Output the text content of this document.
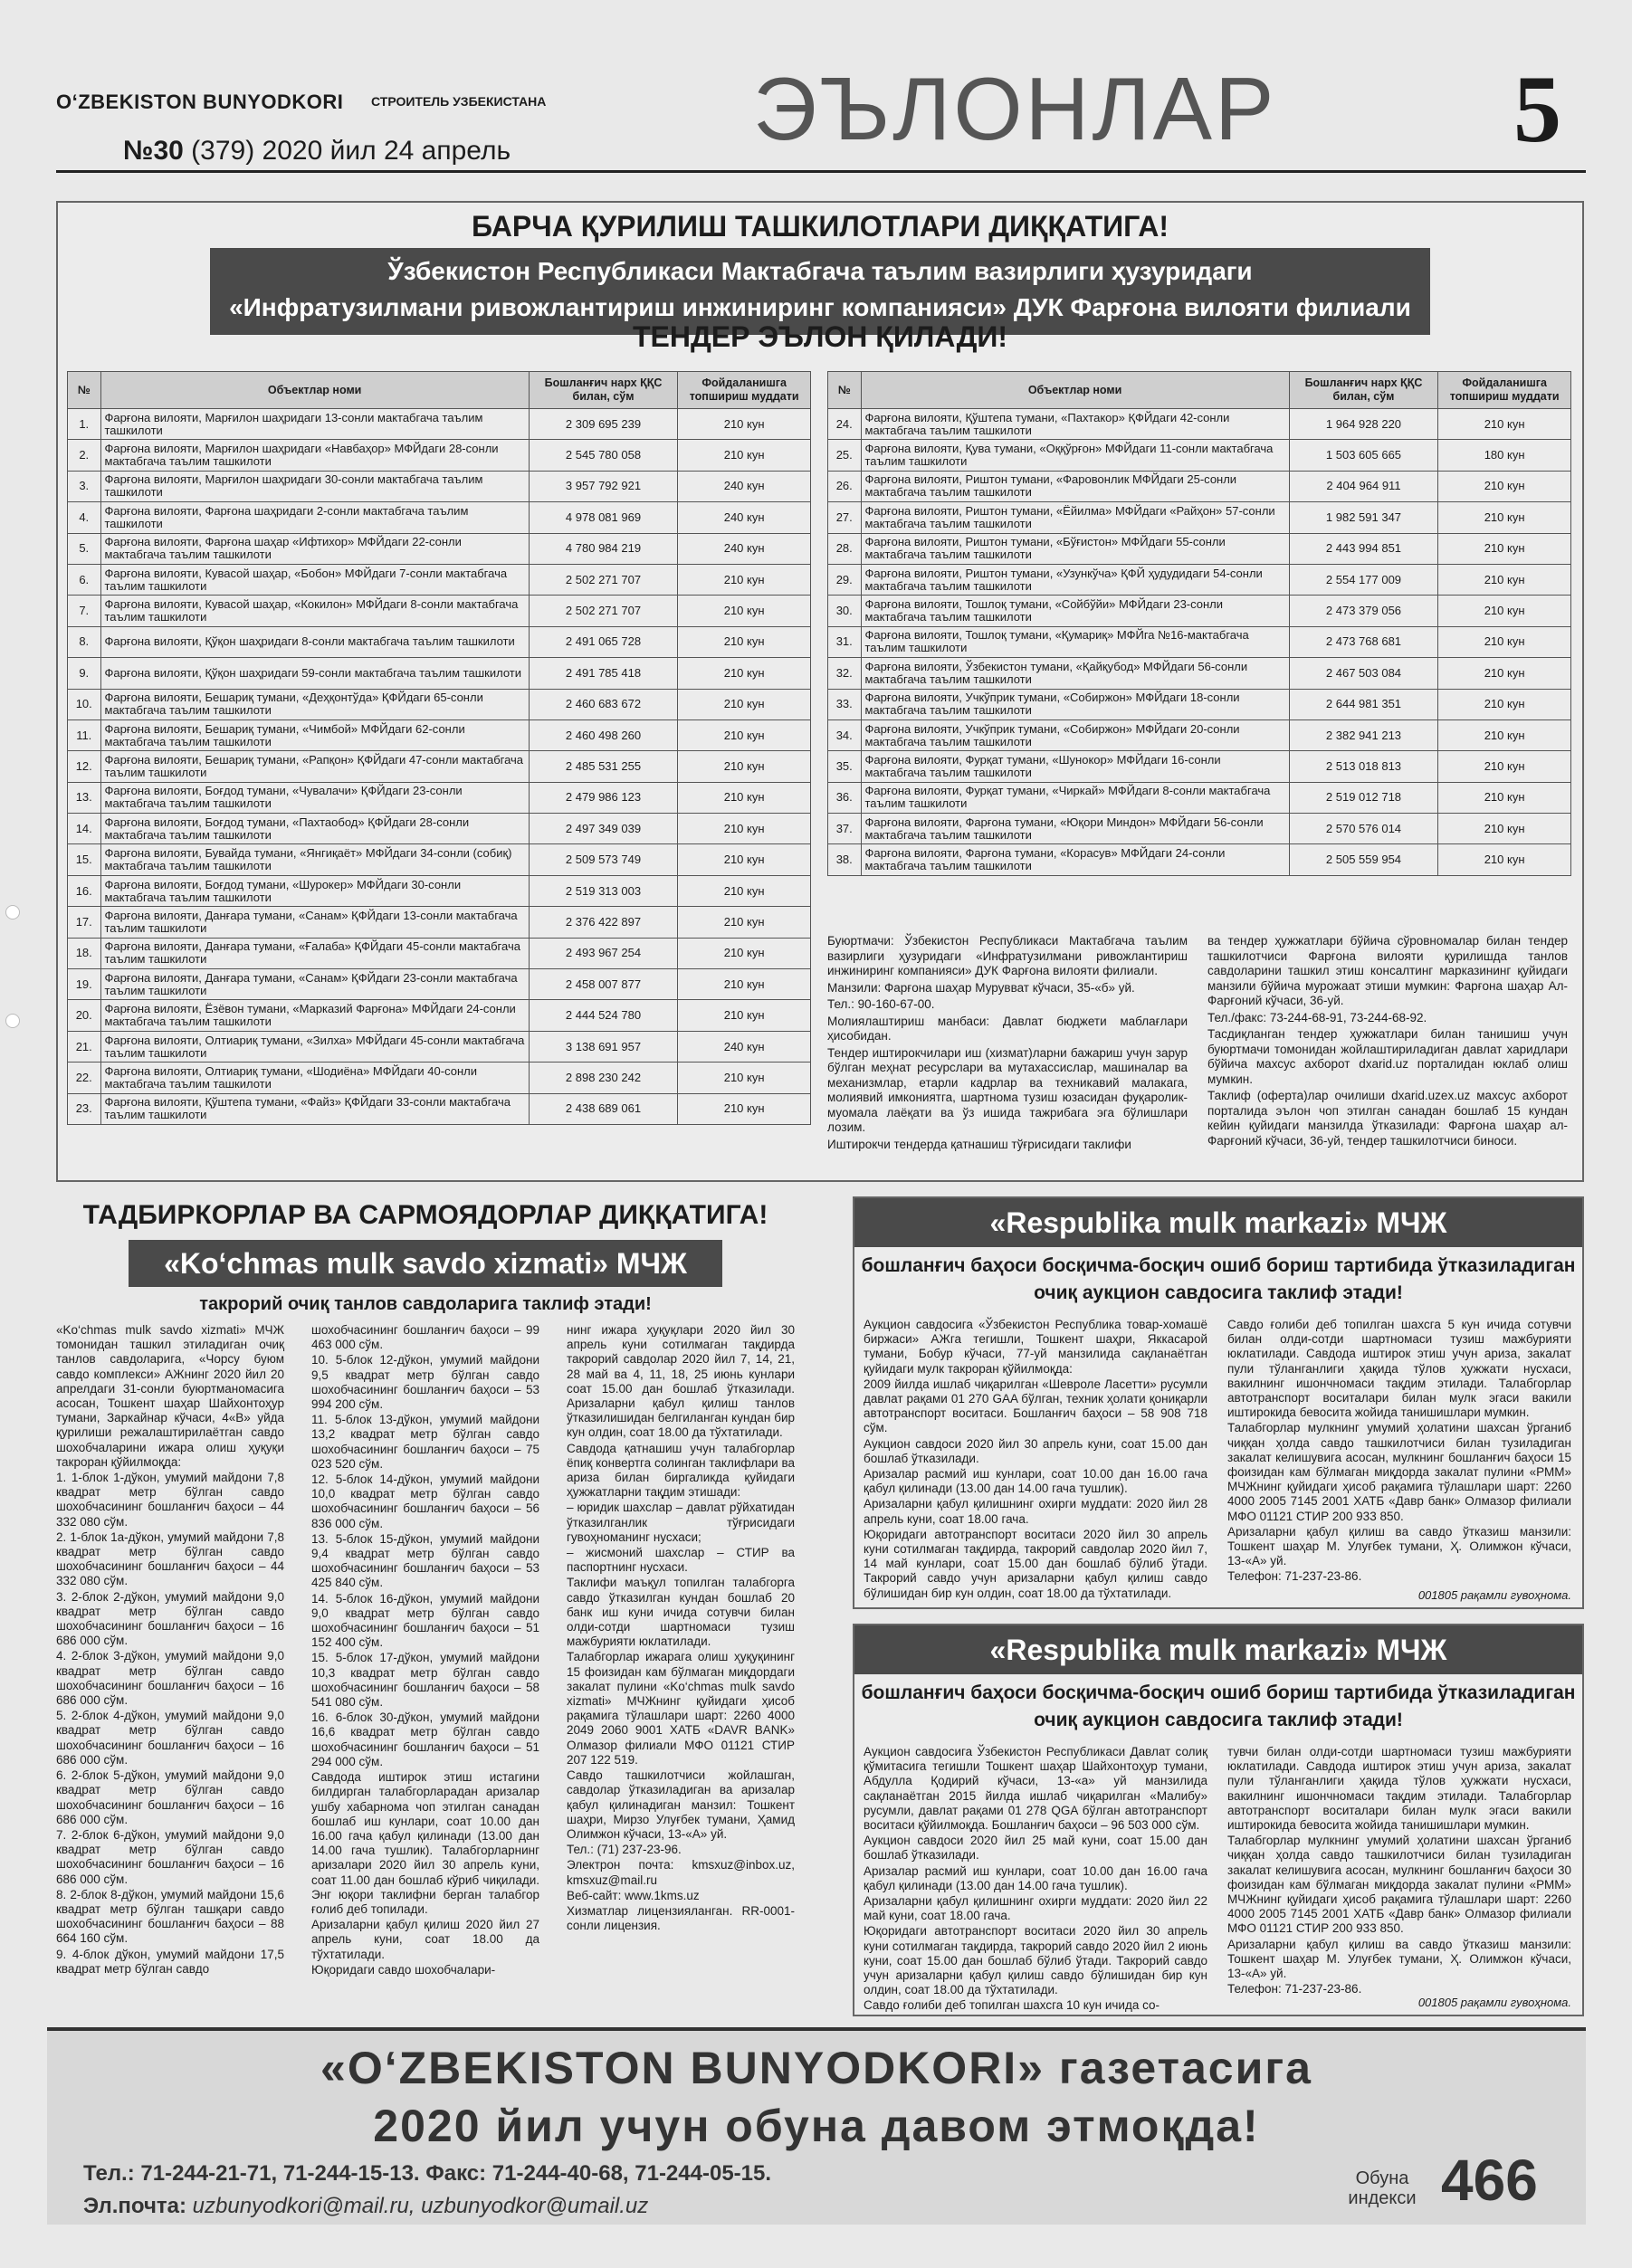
O‘ZBEKISTON BUNYODKORI СТРОИТЕЛЬ УЗБЕКИСТАНА
№30 (379) 2020 йил 24 апрель	ЭЪЛОНЛАР 5
БАРЧА ҚУРИЛИШ ТАШКИЛОТЛАРИ ДИҚҚАТИГА!
Ўзбекистон Республикаси Мактабгача таълим вазирлиги ҳузуридаги
«Инфратузилмани ривожлантириш инжиниринг компанияси» ДУК Фарғона вилояти филиали
ТЕНДЕР ЭЪЛОН ҚИЛАДИ!
№	Объектлар номи	Бошланғич нарх ҚҚС билан, сўм	Фойдаланишга топшириш муддати
1.	Фарғона вилояти, Марғилон шаҳридаги 13-сонли мактабгача таълим ташкилоти	2 309 695 239	210 кун
2.	Фарғона вилояти, Марғилон шаҳридаги «Навбаҳор» МФЙдаги 28-сонли мактабгача таълим ташкилоти	2 545 780 058	210 кун
3.	Фарғона вилояти, Марғилон шаҳридаги 30-сонли мактабгача таълим ташкилоти	3 957 792 921	240 кун
4.	Фарғона вилояти, Фарғона шаҳридаги 2-сонли мактабгача таълим ташкилоти	4 978 081 969	240 кун
5.	Фарғона вилояти, Фарғона шаҳар «Ифтихор» МФЙдаги 22-сонли мактабгача таълим ташкилоти	4 780 984 219	240 кун
6.	Фарғона вилояти, Кувасой шаҳар, «Бобон» МФЙдаги 7-сонли мактабгача таълим ташкилоти	2 502 271 707	210 кун
7.	Фарғона вилояти, Кувасой шаҳар, «Кокилон» МФЙдаги 8-сонли мактабгача таълим ташкилоти	2 502 271 707	210 кун
8.	Фарғона вилояти, Қўқон шаҳридаги 8-сонли мактабгача таълим ташкилоти	2 491 065 728	210 кун
9.	Фарғона вилояти, Қўқон шаҳридаги 59-сонли мактабгача таълим ташкилоти	2 491 785 418	210 кун
10.	Фарғона вилояти, Бешариқ тумани, «Деҳқонтўда» ҚФЙдаги 65-сонли мактабгача таълим ташкилоти	2 460 683 672	210 кун
11.	Фарғона вилояти, Бешариқ тумани, «Чимбой» МФЙдаги 62-сонли мактабгача таълим ташкилоти	2 460 498 260	210 кун
12.	Фарғона вилояти, Бешариқ тумани, «Рапқон» ҚФЙдаги 47-сонли мактабгача таълим ташкилоти	2 485 531 255	210 кун
13.	Фарғона вилояти, Боғдод тумани, «Чувалачи» ҚФЙдаги 23-сонли мактабгача таълим ташкилоти	2 479 986 123	210 кун
14.	Фарғона вилояти, Боғдод тумани, «Пахтаобод» ҚФЙдаги 28-сонли мактабгача таълим ташкилоти	2 497 349 039	210 кун
15.	Фарғона вилояти, Бувайда тумани, «Янгиқаёт» МФЙдаги 34-сонли (собиқ) мактабгача таълим ташкилоти	2 509 573 749	210 кун
16.	Фарғона вилояти, Боғдод тумани, «Шурокер» МФЙдаги 30-сонли мактабгача таълим ташкилоти	2 519 313 003	210 кун
17.	Фарғона вилояти, Данғара тумани, «Санам» ҚФЙдаги 13-сонли мактабгача таълим ташкилоти	2 376 422 897	210 кун
18.	Фарғона вилояти, Данғара тумани, «Ғалаба» ҚФЙдаги 45-сонли мактабгача таълим ташкилоти	2 493 967 254	210 кун
19.	Фарғона вилояти, Данғара тумани, «Санам» ҚФЙдаги 23-сонли мактабгача таълим ташкилоти	2 458 007 877	210 кун
20.	Фарғона вилояти, Ёзёвон тумани, «Марказий Фарғона» МФЙдаги 24-сонли мактабгача таълим ташкилоти	2 444 524 780	210 кун
21.	Фарғона вилояти, Олтиариқ тумани, «Зилха» МФЙдаги 45-сонли мактабгача таълим ташкилоти	3 138 691 957	240 кун
22.	Фарғона вилояти, Олтиариқ тумани, «Шодиёна» МФЙдаги 40-сонли мактабгача таълим ташкилоти	2 898 230 242	210 кун
23.	Фарғона вилояти, Қўштепа тумани, «Файз» ҚФЙдаги 33-сонли мактабгача таълим ташкилоти	2 438 689 061	210 кун
№	Объектлар номи	Бошланғич нарх ҚҚС билан, сўм	Фойдаланишга топшириш муддати
24.	Фарғона вилояти, Қўштепа тумани, «Пахтакор» ҚФЙдаги 42-сонли мактабгача таълим ташкилоти	1 964 928 220	210 кун
25.	Фарғона вилояти, Қува тумани, «Оққўрғон» МФЙдаги 11-сонли мактабгача таълим ташкилоти	1 503 605 665	180 кун
26.	Фарғона вилояти, Риштон тумани, «Фаровонлик МФЙдаги 25-сонли мактабгача таълим ташкилоти	2 404 964 911	210 кун
27.	Фарғона вилояти, Риштон тумани, «Ёйилма» МФЙдаги «Райҳон» 57-сонли мактабгача таълим ташкилоти	1 982 591 347	210 кун
28.	Фарғона вилояти, Риштон тумани, «Бўғистон» МФЙдаги 55-сонли мактабгача таълим ташкилоти	2 443 994 851	210 кун
29.	Фарғона вилояти, Риштон тумани, «Узункўча» ҚФЙ ҳудудидаги 54-сонли мактабгача таълим ташкилоти	2 554 177 009	210 кун
30.	Фарғона вилояти, Тошлоқ тумани, «Сойбўйи» МФЙдаги 23-сонли мактабгача таълим ташкилоти	2 473 379 056	210 кун
31.	Фарғона вилояти, Тошлоқ тумани, «Қумариқ» МФЙга №16-мактабгача таълим ташкилоти	2 473 768 681	210 кун
32.	Фарғона вилояти, Ўзбекистон тумани, «Қайқубод» МФЙдаги 56-сонли мактабгача таълим ташкилоти	2 467 503 084	210 кун
33.	Фарғона вилояти, Учкўприк тумани, «Собиржон» МФЙдаги 18-сонли мактабгача таълим ташкилоти	2 644 981 351	210 кун
34.	Фарғона вилояти, Учкўприк тумани, «Собиржон» МФЙдаги 20-сонли мактабгача таълим ташкилоти	2 382 941 213	210 кун
35.	Фарғона вилояти, Фурқат тумани, «Шунокор» МФЙдаги 16-сонли мактабгача таълим ташкилоти	2 513 018 813	210 кун
36.	Фарғона вилояти, Фурқат тумани, «Чиркай» МФЙдаги 8-сонли мактабгача таълим ташкилоти	2 519 012 718	210 кун
37.	Фарғона вилояти, Фарғона тумани, «Юқори Миндон» МФЙдаги 56-сонли мактабгача таълим ташкилоти	2 570 576 014	210 кун
38.	Фарғона вилояти, Фарғона тумани, «Корасув» МФЙдаги 24-сонли мактабгача таълим ташкилоти	2 505 559 954	210 кун

Буюртмачи: Ўзбекистон Республикаси Мактабгача таълим вазирлиги ҳузуридаги «Инфратузилмани ривожлантириш инжиниринг компанияси» ДУК Фарғона вилояти филиали.

Манзили: Фарғона шаҳар Мурувват кўчаси, 35-«б» уй.

Тел.: 90-160-67-00.

Молиялаштириш манбаси: Давлат бюджети маблағлари ҳисобидан.

Тендер иштирокчилари иш (хизмат)ларни бажариш учун зарур бўлган меҳнат ресурслари ва мутахассислар, машиналар ва механизмлар, етарли кадрлар ва техникавий малакага, молиявий имкониятга, шартнома тузиш юзасидан фуқаролик-муомала лаёқати ва ўз ишида тажрибага эга бўлишлари лозим.

Иштирокчи тендерда қатнашиш тўғрисидаги таклифи

ва тендер ҳужжатлари бўйича сўровномалар билан тендер ташкилотчиси Фарғона вилояти қурилишда танлов савдоларини ташкил этиш консалтинг марказининг қуйидаги манзили бўйича мурожаат этиши мумкин: Фарғона шаҳар Ал-Фарғоний кўчаси, 36-уй.

Тел./факс: 73-244-68-91, 73-244-68-92.

Тасдиқланган тендер ҳужжатлари билан танишиш учун буюртмачи томонидан жойлаштириладиган давлат харидлари бўйича махсус ахборот dxarid.uz порталидан юклаб олиш мумкин.

Таклиф (оферта)лар очилиши dxarid.uzex.uz махсус ахборот порталида эълон чоп этилган санадан бошлаб 15 кундан кейин қуйидаги манзилда ўтказилади: Фарғона шаҳар ал-Фарғоний кўчаси, 36-уй, тендер ташкилотчиси биноси.

ТАДБИРКОРЛАР ВА САРМОЯДОРЛАР ДИҚҚАТИГА!
«Ko‘chmas mulk savdo xizmati» МЧЖ
такрорий очиқ танлов савдоларига таклиф этади!

«Ko‘chmas mulk savdo xizmati» МЧЖ томонидан ташкил этиладиган очиқ танлов савдоларига, «Чорсу буюм савдо комплекси» АЖнинг 2020 йил 20 апрелдаги 31-сонли буюртманомасига асосан, Тошкент шаҳар Шайхонтоҳур тумани, Заркайнар кўчаси, 4«В» уйда қурилиши режалаштирилаётган савдо шохобчаларини ижара олиш ҳуқуқи такроран қўйилмоқда:

1. 1-блок 1-дўкон, умумий майдони 7,8 квадрат метр бўлган савдо шохобчасининг бошланғич баҳоси – 44 332 080 сўм.

2. 1-блок 1а-дўкон, умумий майдони 7,8 квадрат метр бўлган савдо шохобчасининг бошланғич баҳоси – 44 332 080 сўм.

3. 2-блок 2-дўкон, умумий майдони 9,0 квадрат метр бўлган савдо шохобчасининг бошланғич баҳоси – 16 686 000 сўм.

4. 2-блок 3-дўкон, умумий майдони 9,0 квадрат метр бўлган савдо шохобчасининг бошланғич баҳоси – 16 686 000 сўм.

5. 2-блок 4-дўкон, умумий майдони 9,0 квадрат метр бўлган савдо шохобчасининг бошланғич баҳоси – 16 686 000 сўм.

6. 2-блок 5-дўкон, умумий майдони 9,0 квадрат метр бўлган савдо шохобчасининг бошланғич баҳоси – 16 686 000 сўм.

7. 2-блок 6-дўкон, умумий майдони 9,0 квадрат метр бўлган савдо шохобчасининг бошланғич баҳоси – 16 686 000 сўм.

8. 2-блок 8-дўкон, умумий майдони 15,6 квадрат метр бўлган ташқари савдо шохобчасининг бошланғич баҳоси – 88 664 160 сўм.

9. 4-блок дўкон, умумий майдони 17,5 квадрат метр бўлган савдо

шохобчасининг бошланғич баҳоси – 99 463 000 сўм.

10. 5-блок 12-дўкон, умумий майдони 9,5 квадрат метр бўлган савдо шохобчасининг бошланғич баҳоси – 53 994 200 сўм.

11. 5-блок 13-дўкон, умумий майдони 13,2 квадрат метр бўлган савдо шохобчасининг бошланғич баҳоси – 75 023 520 сўм.

12. 5-блок 14-дўкон, умумий майдони 10,0 квадрат метр бўлган савдо шохобчасининг бошланғич баҳоси – 56 836 000 сўм.

13. 5-блок 15-дўкон, умумий майдони 9,4 квадрат метр бўлган савдо шохобчасининг бошланғич баҳоси – 53 425 840 сўм.

14. 5-блок 16-дўкон, умумий майдони 9,0 квадрат метр бўлган савдо шохобчасининг бошланғич баҳоси – 51 152 400 сўм.

15. 5-блок 17-дўкон, умумий майдони 10,3 квадрат метр бўлган савдо шохобчасининг бошланғич баҳоси – 58 541 080 сўм.

16. 6-блок 30-дўкон, умумий майдони 16,6 квадрат метр бўлган савдо шохобчасининг бошланғич баҳоси – 51 294 000 сўм.

Савдода иштирок этиш истагини билдирган талабгорларадан аризалар ушбу хабарнома чоп этилган санадан бошлаб иш кунлари, соат 10.00 дан 16.00 гача қабул қилинади (13.00 дан 14.00 гача тушлик). Талабгорларнинг аризалари 2020 йил 30 апрель куни, соат 11.00 дан бошлаб кўриб чиқилади. Энг юқори таклифни берган талабгор ғолиб деб топилади.

Аризаларни қабул қилиш 2020 йил 27 апрель куни, соат 18.00 да тўхтатилади.

Юқоридаги савдо шохобчалари-

нинг ижара ҳуқуқлари 2020 йил 30 апрель куни сотилмаган тақдирда такрорий савдолар 2020 йил 7, 14, 21, 28 май ва 4, 11, 18, 25 июнь кунлари соат 15.00 дан бошлаб ўтказилади. Аризаларни қабул қилиш танлов ўтказилишидан белгиланган кундан бир кун олдин, соат 18.00 да тўхтатилади.

Савдода қатнашиш учун талабгорлар ёпиқ конвертга солинган таклифлари ва ариза билан биргаликда қуйидаги ҳужжатларни тақдим этишади:

– юридик шахслар – давлат рўйхатидан ўтказилганлик тўғрисидаги гувоҳноманинг нусхаси;

– жисмоний шахслар – СТИР ва паспортнинг нусхаси.

Таклифи маъқул топилган талабгорга савдо ўтказилган кундан бошлаб 20 банк иш куни ичида сотувчи билан олди-сотди шартномаси тузиш мажбурияти юклатилади.

Талабгорлар ижарага олиш ҳуқуқининг 15 фоизидан кам бўлмаган миқдордаги закалат пулини «Ko‘chmas mulk savdo xizmati» МЧЖнинг қуйидаги ҳисоб рақамига тўлашлари шарт: 2260 4000 2049 2060 9001 ХАТБ «DAVR BANK» Олмазор филиали МФО 01121 СТИР 207 122 519.

Савдо ташкилотчиси жойлашган, савдолар ўтказиладиган ва аризалар қабул қилинадиган манзил: Тошкент шаҳри, Мирзо Улуғбек тумани, Ҳамид Олимжон кўчаси, 13-«А» уй.

Тел.: (71) 237-23-96.

Электрон почта: kmsxuz@inbox.uz, kmsxuz@mail.ru

Веб-сайт: www.1kms.uz

Хизматлар лицензияланган. RR-0001-сонли лицензия.

«Respublika mulk markazi» МЧЖ
бошланғич баҳоси босқичма-босқич ошиб бориш тартибида ўтказиладиган
очиқ аукцион савдосига таклиф этади!

Аукцион савдосига «Ўзбекистон Республика товар-хомашё биржаси» АЖга тегишли, Тошкент шаҳри, Яккасарой тумани, Бобур кўчаси, 77-уй манзилида сақланаётган қуйидаги мулк такроран қўйилмоқда:

2009 йилда ишлаб чиқарилган «Шевроле Ласетти» русумли давлат рақами 01 270 GAA бўлган, техник ҳолати қониқарли автотранспорт воситаси. Бошланғич баҳоси – 58 908 718 сўм.

Аукцион савдоси 2020 йил 30 апрель куни, соат 15.00 дан бошлаб ўтказилади.

Аризалар расмий иш кунлари, соат 10.00 дан 16.00 гача қабул қилинади (13.00 дан 14.00 гача тушлик).

Аризаларни қабул қилишнинг охирги муддати: 2020 йил 28 апрель куни, соат 18.00 гача.

Юқоридаги автотранспорт воситаси 2020 йил 30 апрель куни сотилмаган тақдирда, такрорий савдолар 2020 йил 7, 14 май кунлари, соат 15.00 дан бошлаб бўлиб ўтади. Такрорий савдо учун аризаларни қабул қилиш савдо бўлишидан бир кун олдин, соат 18.00 да тўхтатилади.

Савдо ғолиби деб топилган шахсга 5 кун ичида сотувчи билан олди-сотди шартномаси тузиш мажбурияти юклатилади. Савдода иштирок этиш учун ариза, закалат пули тўланганлиги ҳақида тўлов ҳужжати нусхаси, вакилнинг ишончномаси тақдим этилади. Талабгорлар автотранспорт воситалари билан мулк эгаси вакили иштирокида бевосита жойида танишишлари мумкин.

Талабгорлар мулкнинг умумий ҳолатини шахсан ўрганиб чиққан ҳолда савдо ташкилотчиси билан тузиладиган закалат келишувига асосан, мулкнинг бошланғич баҳоси 15 фоизидан кам бўлмаган миқдорда закалат пулини «РММ» МЧЖнинг қуйидаги ҳисоб рақамига тўлашлари шарт: 2260 4000 2005 7145 2001 ХАТБ «Давр банк» Олмазор филиали МФО 01121 СТИР 200 933 850.

Аризаларни қабул қилиш ва савдо ўтказиш манзили: Тошкент шаҳар М. Улуғбек тумани, Ҳ. Олимжон кўчаси, 13-«А» уй.

Телефон: 71-237-23-86.

001805 рақамли гувоҳнома.
«Respublika mulk markazi» МЧЖ
бошланғич баҳоси босқичма-босқич ошиб бориш тартибида ўтказиладиган
очиқ аукцион савдосига таклиф этади!

Аукцион савдосига Ўзбекистон Республикаси Давлат солиқ қўмитасига тегишли Тошкент шаҳар Шайхонтоҳур тумани, Абдулла Қодирий кўчаси, 13-«а» уй манзилида сақланаётган 2015 йилда ишлаб чиқарилган «Малибу» русумли, давлат рақами 01 278 QGA бўлган автотранспорт воситаси қўйилмоқда. Бошланғич баҳоси – 96 503 000 сўм.

Аукцион савдоси 2020 йил 25 май куни, соат 15.00 дан бошлаб ўтказилади.

Аризалар расмий иш кунлари, соат 10.00 дан 16.00 гача қабул қилинади (13.00 дан 14.00 гача тушлик).

Аризаларни қабул қилишнинг охирги муддати: 2020 йил 22 май куни, соат 18.00 гача.

Юқоридаги автотранспорт воситаси 2020 йил 30 апрель куни сотилмаган тақдирда, такрорий савдо 2020 йил 2 июнь куни, соат 15.00 дан бошлаб бўлиб ўтади. Такрорий савдо учун аризаларни қабул қилиш савдо бўлишидан бир кун олдин, соат 18.00 да тўхтатилади.

Савдо ғолиби деб топилган шахсга 10 кун ичида со-

тувчи билан олди-сотди шартномаси тузиш мажбурияти юклатилади. Савдода иштирок этиш учун ариза, закалат пули тўланганлиги ҳақида тўлов ҳужжати нусхаси, вакилнинг ишончномаси тақдим этилади. Талабгорлар автотранспорт воситалари билан мулк эгаси вакили иштирокида бевосита жойида танишишлари мумкин.

Талабгорлар мулкнинг умумий ҳолатини шахсан ўрганиб чиққан ҳолда савдо ташкилотчиси билан тузиладиган закалат келишувига асосан, мулкнинг бошланғич баҳоси 30 фоизидан кам бўлмаган миқдорда закалат пулини «РММ» МЧЖнинг қуйидаги ҳисоб рақамига тўлашлари шарт: 2260 4000 2005 7145 2001 ХАТБ «Давр банк» Олмазор филиали МФО 01121 СТИР 200 933 850.

Аризаларни қабул қилиш ва савдо ўтказиш манзили: Тошкент шаҳар М. Улуғбек тумани, Ҳ. Олимжон кўчаси, 13-«А» уй.

Телефон: 71-237-23-86.

001805 рақамли гувоҳнома.
«O‘ZBEKISTON BUNYODKORI» газетасига
2020 йил учун обуна давом этмоқда!
Тел.: 71-244-21-71, 71-244-15-13. Факс: 71-244-40-68, 71-244-05-15.
Эл.почта: uzbunyodkori@mail.ru, uzbunyodkor@umail.uz
Обуна индекси 466
